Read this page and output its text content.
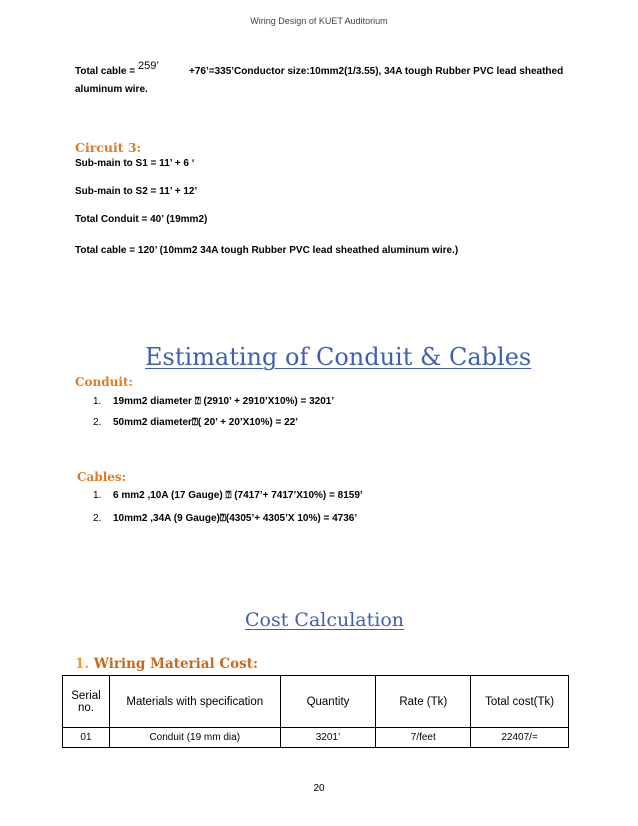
Wiring Design of KUET Auditorium
Total cable = 259’	+76’=335’Conductor size:10mm2(1/3.55), 34A tough Rubber PVC lead sheathed
aluminum wire.
Circuit 3:
Sub-main to S1 = 11’ + 6 ‘
Sub-main to S2 = 11’ + 12’
Total Conduit = 40’ (19mm2)
Total cable = 120’ (10mm2 34A tough Rubber PVC lead sheathed aluminum wire.)
Estimating of Conduit & Cables
Conduit:
1. 19mm2 diameter ⍰ (2910’ + 2910’X10%) = 3201’
2. 50mm2 diameter⍰( 20’ + 20’X10%) = 22’
Cables:
1. 6 mm2 ,10A (17 Gauge) ⍰ (7417’+ 7417’X10%) = 8159’
2. 10mm2 ,34A (9 Gauge)⍰(4305’+ 4305’X 10%) = 4736’
Cost Calculation
1. Wiring Material Cost:
Serial no.	Materials with specification	Quantity	Rate (Tk)	Total cost(Tk)
01	Conduit (19 mm dia)	3201’	7/feet	22407/=
20
